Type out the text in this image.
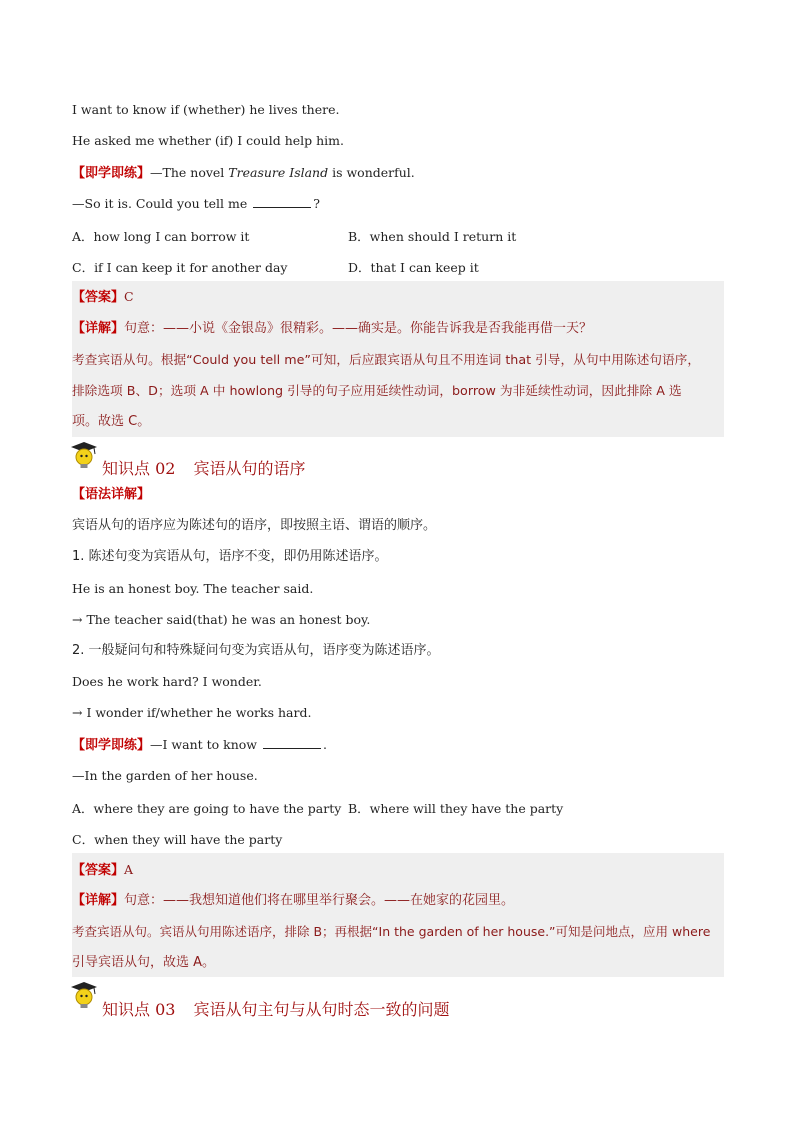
I want to know if (whether) he lives there.
He asked me whether (if) I could help him.
【即学即练】—The novel Treasure Island is wonderful.
—So it is. Could you tell me	?
A．how long I can borrow it	B．when should I return it
C．if I can keep it for another day	D．that I can keep it
【答案】C
【详解】句意：——小说《金银岛》很精彩。——确实是。你能告诉我是否我能再借一天？
考查宾语从句。根据“Could you tell me”可知，后应跟宾语从句且不用连词 that 引导，从句中用陈述句语序，
排除选项 B、D；选项 A 中 howlong 引导的句子应用延续性动词，borrow 为非延续性动词，因此排除 A 选
项。故选 C。
知识点 02 宾语从句的语序
【语法详解】
宾语从句的语序应为陈述句的语序，即按照主语、谓语的顺序。
1. 陈述句变为宾语从句，语序不变，即仍用陈述语序。
He is an honest boy. The teacher said.
→ The teacher said(that) he was an honest boy.
2. 一般疑问句和特殊疑问句变为宾语从句，语序变为陈述语序。
Does he work hard? I wonder.
→ I wonder if/whether he works hard.
【即学即练】—I want to know	.
—In the garden of her house.
A．where they are going to have the party B．where will they have the party
C．when they will have the party
【答案】A
【详解】句意：——我想知道他们将在哪里举行聚会。——在她家的花园里。
考查宾语从句。宾语从句用陈述语序，排除 B；再根据“In the garden of her house.”可知是问地点，应用 where
引导宾语从句，故选 A。
知识点 03 宾语从句主句与从句时态一致的问题
